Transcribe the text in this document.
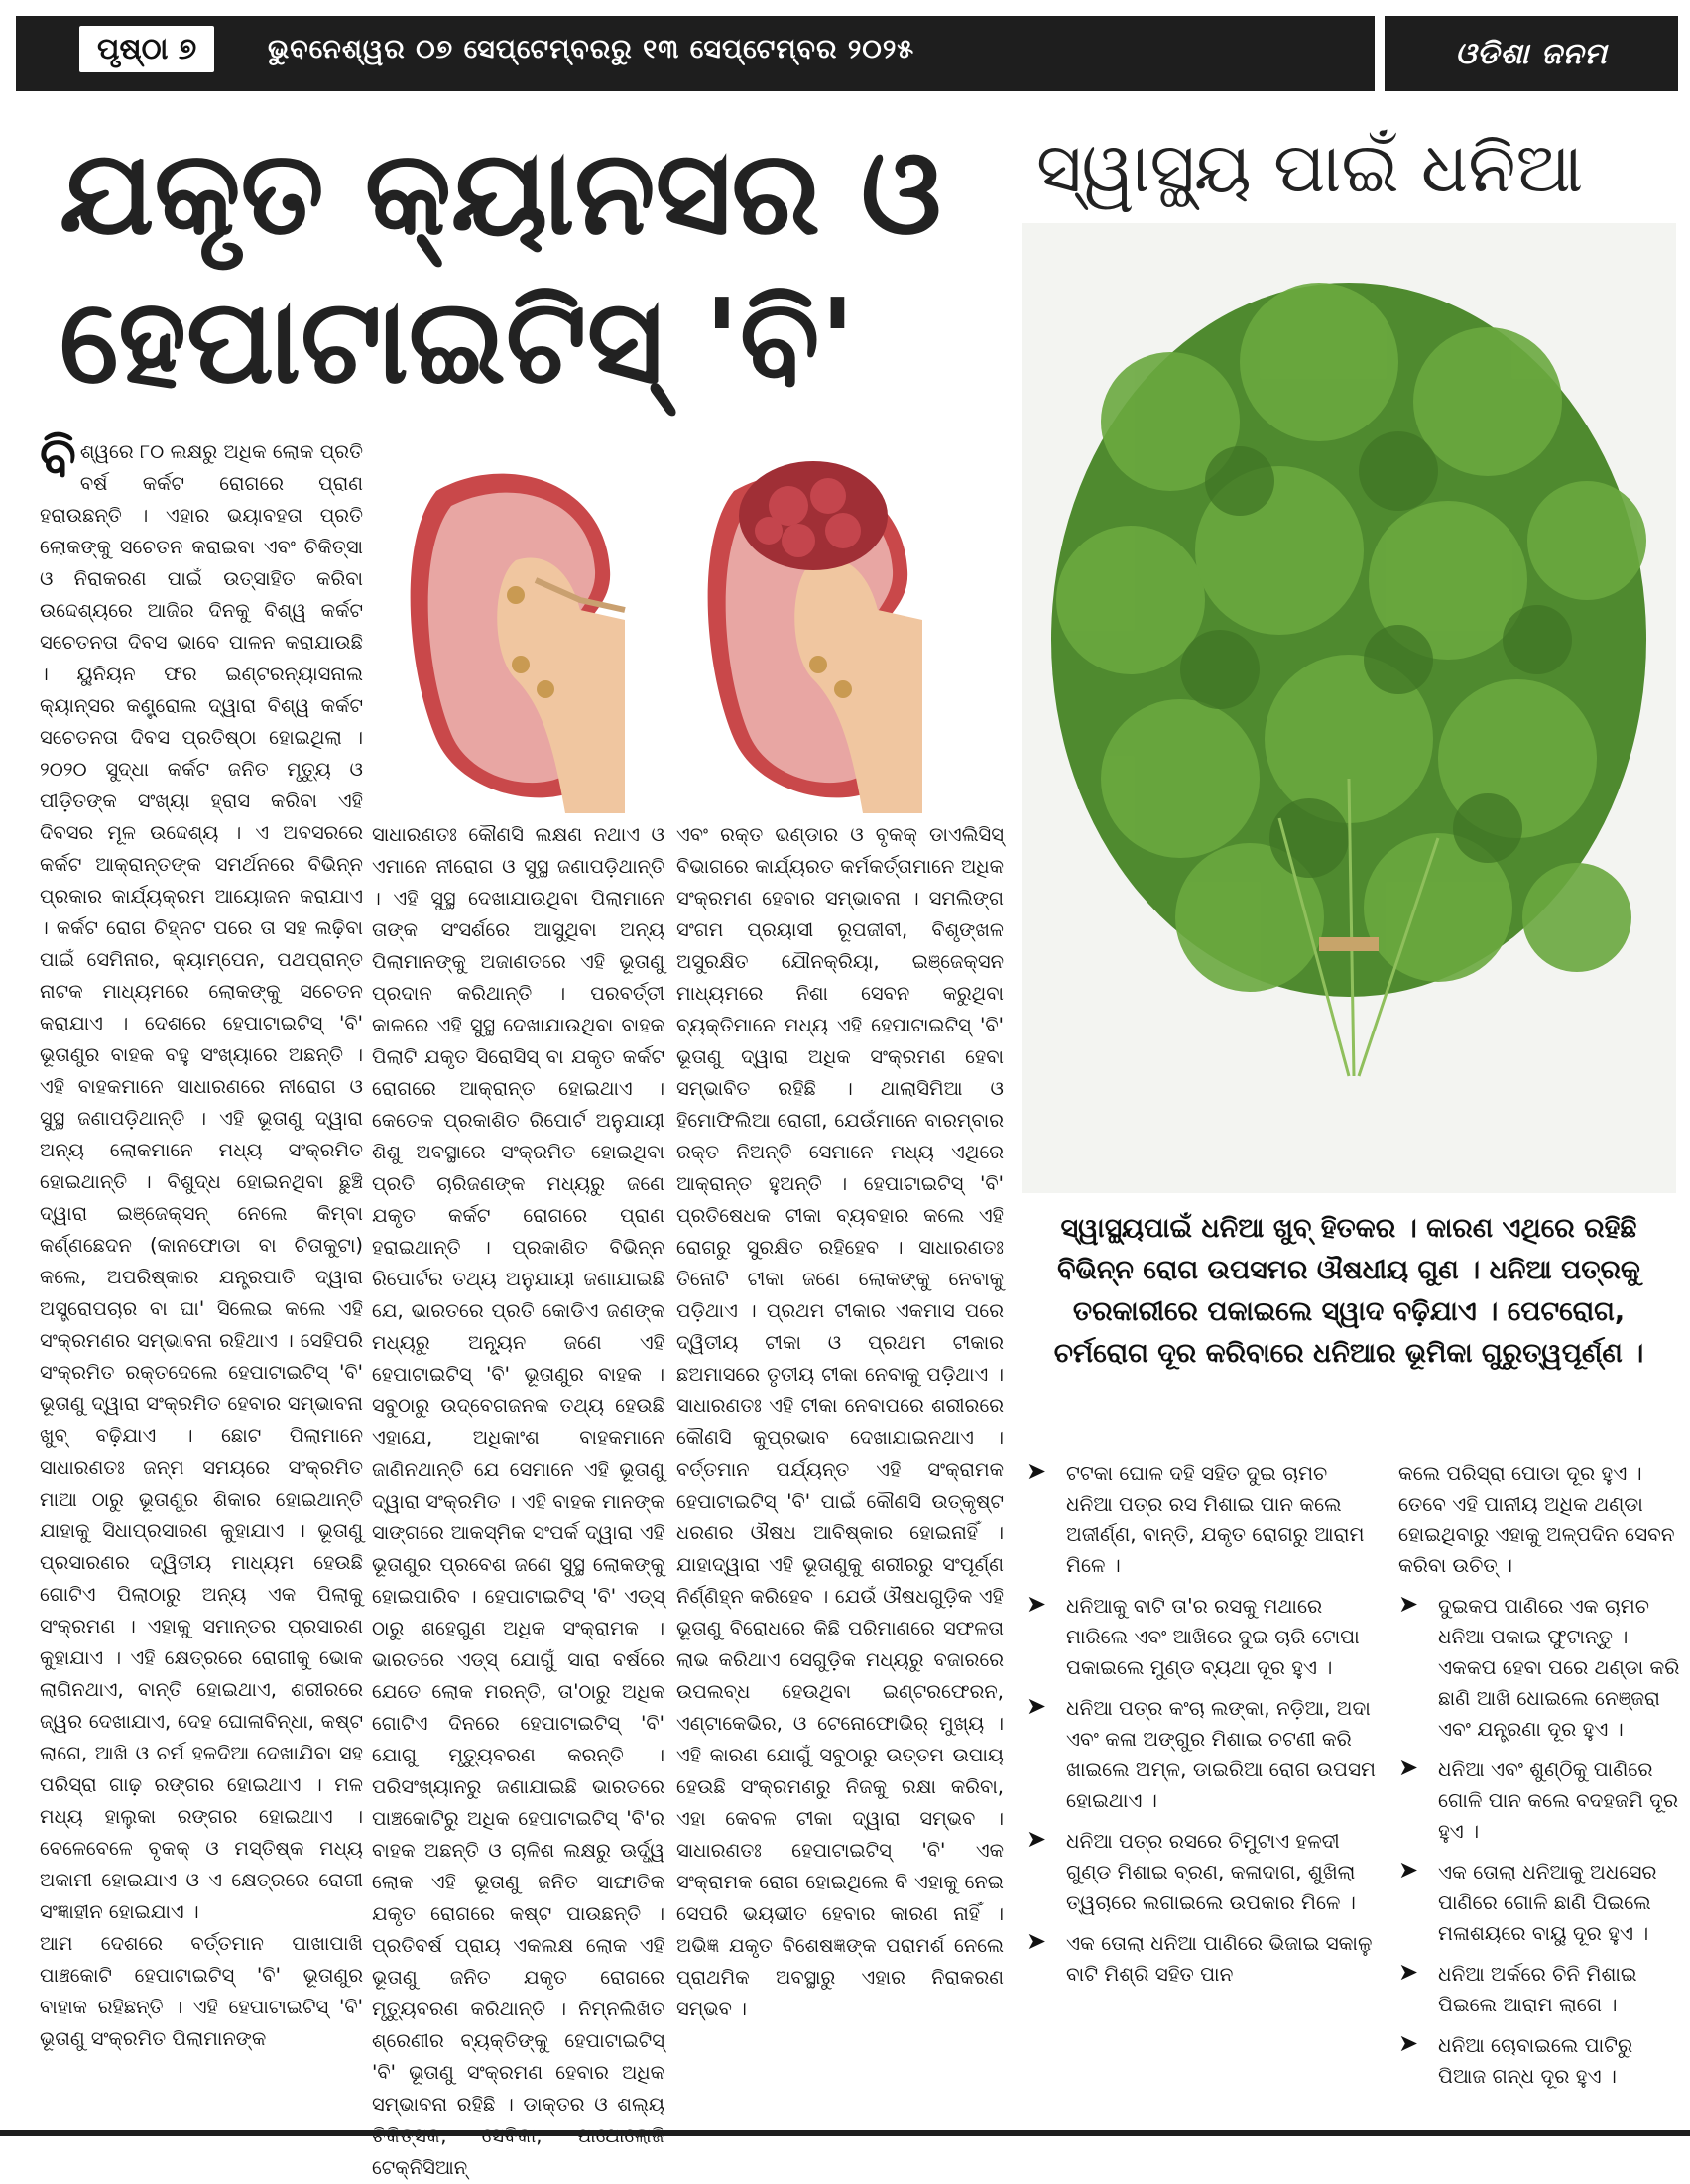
ପୃଷ୍ଠା ୭	ଭୁବନେଶ୍ୱର ୦୭ ସେପ୍ଟେମ୍ବରରୁ ୧୩ ସେପ୍ଟେମ୍ବର ୨୦୨୫	ଓଡିଶା ଜନମ
ଯକୃତ କ୍ୟାନସର ଓ
ହେପାଟାଇଟିସ୍ 'ବି'
ସ୍ୱାସ୍ଥ୍ୟ ପାଇଁ ଧନିଆ

ବିଶ୍ୱରେ ୮୦ ଲକ୍ଷରୁ ଅଧିକ ଲୋକ ପ୍ରତି ବର୍ଷ କର୍କଟ ରୋଗରେ ପ୍ରାଣ ହରାଉଛନ୍ତି । ଏହାର ଭୟାବହତା ପ୍ରତି ଲୋକଙ୍କୁ ସଚେତନ କରାଇବା ଏବଂ ଚିକିତ୍ସା ଓ ନିରାକରଣ ପାଇଁ ଉତ୍ସାହିତ କରିବା ଉଦ୍ଦେଶ୍ୟରେ ଆଜିର ଦିନକୁ ବିଶ୍ୱ କର୍କଟ ସଚେତନତା ଦିବସ ଭାବେ ପାଳନ କରାଯାଉଛି । ୟୁନିୟନ ଫର ଇଣ୍ଟରନ୍ୟାସନାଲ କ୍ୟାନ୍ସର କଣ୍ଟ୍ରୋଲ ଦ୍ୱାରା ବିଶ୍ୱ କର୍କଟ ସଚେତନତା ଦିବସ ପ୍ରତିଷ୍ଠା ହୋଇଥିଲା । ୨୦୨୦ ସୁଦ୍ଧା କର୍କଟ ଜନିତ ମୃତ୍ୟୁ ଓ ପୀଡ଼ିତଙ୍କ ସଂଖ୍ୟା ହ୍ରାସ କରିବା ଏହି ଦିବସର ମୂଳ ଉଦ୍ଦେଶ୍ୟ । ଏ ଅବସରରେ କର୍କଟ ଆକ୍ରାନ୍ତଙ୍କ ସମର୍ଥନରେ ବିଭିନ୍ନ ପ୍ରକାର କାର୍ଯ୍ୟକ୍ରମ ଆୟୋଜନ କରାଯାଏ । କର୍କଟ ରୋଗ ଚିହ୍ନଟ ପରେ ତା ସହ ଲଢ଼ିବା ପାଇଁ ସେମିନାର, କ୍ୟାମ୍ପେନ, ପଥପ୍ରାନ୍ତ ନାଟକ ମାଧ୍ୟମରେ ଲୋକଙ୍କୁ ସଚେତନ କରାଯାଏ । ଦେଶରେ ହେପାଟାଇଟିସ୍ 'ବି' ଭୂତାଣୁର ବାହକ ବହୁ ସଂଖ୍ୟାରେ ଅଛନ୍ତି । ଏହି ବାହକମାନେ ସାଧାରଣରେ ନୀରୋଗ ଓ ସୁସ୍ଥ ଜଣାପଡ଼ିଥାନ୍ତି । ଏହି ଭୂତାଣୁ ଦ୍ୱାରା ଅନ୍ୟ ଲୋକମାନେ ମଧ୍ୟ ସଂକ୍ରମିତ ହୋଇଥାନ୍ତି । ବିଶୁଦ୍ଧ ହୋଇନଥିବା ଛୁଞ୍ଚି ଦ୍ୱାରା ଇଞ୍ଜେକ୍ସନ୍ ନେଲେ କିମ୍ବା କର୍ଣ୍ଣଛେଦନ (କାନଫୋଡା ବା ଚିତାକୁଟା) କଲେ, ଅପରିଷ୍କାର ଯନ୍ତ୍ରପାତି ଦ୍ୱାରା ଅସ୍ତ୍ରୋପଚାର ବା ଘା' ସିଲେଇ କଲେ ଏହି ସଂକ୍ରମଣର ସମ୍ଭାବନା ରହିଥାଏ । ସେହିପରି ସଂକ୍ରମିତ ରକ୍ତଦେଲେ ହେପାଟାଇଟିସ୍ 'ବି' ଭୂତାଣୁ ଦ୍ୱାରା ସଂକ୍ରମିତ ହେବାର ସମ୍ଭାବନା ଖୁବ୍ ବଢ଼ିଯାଏ । ଛୋଟ ପିଲାମାନେ ସାଧାରଣତଃ ଜନ୍ମ ସମୟରେ ସଂକ୍ରମିତ ମାଆ ଠାରୁ ଭୂତାଣୁର ଶିକାର ହୋଇଥାନ୍ତି ଯାହାକୁ ସିଧାପ୍ରସାରଣ କୁହାଯାଏ । ଭୂତାଣୁ ପ୍ରସାରଣର ଦ୍ୱିତୀୟ ମାଧ୍ୟମ ହେଉଛି ଗୋଟିଏ ପିଲାଠାରୁ ଅନ୍ୟ ଏକ ପିଲାକୁ ସଂକ୍ରମଣ । ଏହାକୁ ସମାନ୍ତର ପ୍ରସାରଣ କୁହାଯାଏ । ଏହି କ୍ଷେତ୍ରରେ ରୋଗୀକୁ ଭୋକ ଲାଗିନଥାଏ, ବାନ୍ତି ହୋଇଥାଏ, ଶରୀରରେ ଜ୍ୱର ଦେଖାଯାଏ, ଦେହ ଘୋଳାବିନ୍ଧା, କଷ୍ଟ ଲାଗେ, ଆଖି ଓ ଚର୍ମ ହଳଦିଆ ଦେଖାଯିବା ସହ ପରିସ୍ରା ଗାଢ଼ ରଙ୍ଗର ହୋଇଥାଏ । ମଳ ମଧ୍ୟ ହାଲୁକା ରଙ୍ଗର ହୋଇଥାଏ । ବେଳେବେଳେ ବୃକକ୍ ଓ ମସ୍ତିଷ୍କ ମଧ୍ୟ ଅକାମୀ ହୋଇଯାଏ ଓ ଏ କ୍ଷେତ୍ରରେ ରୋଗୀ ସଂଜ୍ଞାହୀନ ହୋଇଯାଏ ।

ଆମ ଦେଶରେ ବର୍ତ୍ତମାନ ପାଖାପାଖି ପାଞ୍ଚକୋଟି ହେପାଟାଇଟିସ୍ 'ବି' ଭୂତାଣୁର ବାହାକ ରହିଛନ୍ତି । ଏହି ହେପାଟାଇଟିସ୍ 'ବି' ଭୂତାଣୁ ସଂକ୍ରମିତ ପିଲାମାନଙ୍କ

ସାଧାରଣତଃ କୌଣସି ଲକ୍ଷଣ ନଥାଏ ଓ ଏମାନେ ନୀରୋଗ ଓ ସୁସ୍ଥ ଜଣାପଡ଼ିଥାନ୍ତି । ଏହି ସୁସ୍ଥ ଦେଖାଯାଉଥିବା ପିଲାମାନେ ତାଙ୍କ ସଂସର୍ଶରେ ଆସୁଥିବା ଅନ୍ୟ ପିଲାମାନଙ୍କୁ ଅଜାଣତରେ ଏହି ଭୂତାଣୁ ପ୍ରଦାନ କରିଥାନ୍ତି । ପରବର୍ତ୍ତୀ କାଳରେ ଏହି ସୁସ୍ଥ ଦେଖାଯାଉଥିବା ବାହକ ପିଲାଟି ଯକୃତ ସିରୋସିସ୍ ବା ଯକୃତ କର୍କଟ ରୋଗରେ ଆକ୍ରାନ୍ତ ହୋଇଥାଏ । କେତେକ ପ୍ରକାଶିତ ରିପୋର୍ଟ ଅନୁଯାୟୀ ଶିଶୁ ଅବସ୍ଥାରେ ସଂକ୍ରମିତ ହୋଇଥିବା ପ୍ରତି ଚାରିଜଣଙ୍କ ମଧ୍ୟରୁ ଜଣେ ଯକୃତ କର୍କଟ ରୋଗରେ ପ୍ରାଣ ହରାଇଥାନ୍ତି । ପ୍ରକାଶିତ ବିଭିନ୍ନ ରିପୋର୍ଟର ତଥ୍ୟ ଅନୁଯାୟୀ ଜଣାଯାଇଛି ଯେ, ଭାରତରେ ପ୍ରତି କୋଡିଏ ଜଣଙ୍କ ମଧ୍ୟରୁ ଅନ୍ୟୂନ ଜଣେ ଏହି ହେପାଟାଇଟିସ୍ 'ବି' ଭୂତାଣୁର ବାହକ । ସବୁଠାରୁ ଉଦ୍‌ବେଗଜନକ ତଥ୍ୟ ହେଉଛି ଏହାଯେ, ଅଧିକାଂଶ ବାହକମାନେ ଜାଣିନଥାନ୍ତି ଯେ ସେମାନେ ଏହି ଭୂତାଣୁ ଦ୍ୱାରା ସଂକ୍ରମିତ । ଏହି ବାହକ ମାନଙ୍କ ସାଙ୍ଗରେ ଆକସ୍ମିକ ସଂପର୍କ ଦ୍ୱାରା ଏହି ଭୂତାଣୁର ପ୍ରବେଶ ଜଣେ ସୁସ୍ଥ ଲୋକଙ୍କୁ ହୋଇପାରିବ । ହେପାଟାଇଟିସ୍ 'ବି' ଏଡ୍‌ସ୍ ଠାରୁ ଶହେଗୁଣ ଅଧିକ ସଂକ୍ରାମକ । ଭାରତରେ ଏଡ୍‌ସ୍ ଯୋଗୁଁ ସାରା ବର୍ଷରେ ଯେତେ ଲୋକ ମରନ୍ତି, ତା'ଠାରୁ ଅଧିକ ଗୋଟିଏ ଦିନରେ ହେପାଟାଇଟିସ୍ 'ବି' ଯୋଗୁ ମୃତ୍ୟୁବରଣ କରନ୍ତି । ପରିସଂଖ୍ୟାନରୁ ଜଣାଯାଇଛି ଭାରତରେ ପାଞ୍ଚକୋଟିରୁ ଅଧିକ ହେପାଟାଇଟିସ୍ 'ବି'ର ବାହକ ଅଛନ୍ତି ଓ ଚାଳିଶ ଲକ୍ଷରୁ ଊର୍ଦ୍ଧ୍ୱ ଲୋକ ଏହି ଭୂତାଣୁ ଜନିତ ସାଙ୍ଘାତିକ ଯକୃତ ରୋଗରେ କଷ୍ଟ ପାଉଛନ୍ତି । ପ୍ରତିବର୍ଷ ପ୍ରାୟ ଏକଲକ୍ଷ ଲୋକ ଏହି ଭୂତାଣୁ ଜନିତ ଯକୃତ ରୋଗରେ ମୃତ୍ୟୁବରଣ କରିଥାନ୍ତି । ନିମ୍ନଲିଖିତ ଶ୍ରେଣୀର ବ୍ୟକ୍ତିଙ୍କୁ ହେପାଟାଇଟିସ୍ 'ବି' ଭୂତାଣୁ ସଂକ୍ରମଣ ହେବାର ଅଧିକ ସମ୍ଭାବନା ରହିଛି । ଡାକ୍ତର ଓ ଶଲ୍ୟ ଟେକ୍‌ନିସିଆନ୍

ଏବଂ ରକ୍ତ ଭଣ୍ଡାର ଓ ବୃକକ୍ ଡାଏଲିସିସ୍ ବିଭାଗରେ କାର୍ଯ୍ୟରତ କର୍ମକର୍ତ୍ତାମାନେ ଅଧିକ ସଂକ୍ରମଣ ହେବାର ସମ୍ଭାବନା । ସମଲିଙ୍ଗ ସଂଗମ ପ୍ରୟାସୀ ରୂପଜୀବୀ, ବିଶୃଙ୍ଖଳ ଅସୁରକ୍ଷିତ ଯୌନକ୍ରିୟା, ଇଞ୍ଜେକ୍ସନ ମାଧ୍ୟମରେ ନିଶା ସେବନ କରୁଥିବା ବ୍ୟକ୍ତିମାନେ ମଧ୍ୟ ଏହି ହେପାଟାଇଟିସ୍ 'ବି' ଭୂତାଣୁ ଦ୍ୱାରା ଅଧିକ ସଂକ୍ରମଣ ହେବା ସମ୍ଭାବିତ ରହିଛି । ଥାଲାସିମିଆ ଓ ହିମୋଫିଲିଆ ରୋଗୀ, ଯେଉଁମାନେ ବାରମ୍ବାର ରକ୍ତ ନିଅନ୍ତି ସେମାନେ ମଧ୍ୟ ଏଥିରେ ଆକ୍ରାନ୍ତ ହୁଅନ୍ତି । ହେପାଟାଇଟିସ୍ 'ବି' ପ୍ରତିଷେଧକ ଟୀକା ବ୍ୟବହାର କଲେ ଏହି ରୋଗରୁ ସୁରକ୍ଷିତ ରହିହେବ । ସାଧାରଣତଃ ତିନୋଟି ଟୀକା ଜଣେ ଲୋକଙ୍କୁ ନେବାକୁ ପଡ଼ିଥାଏ । ପ୍ରଥମ ଟୀକାର ଏକମାସ ପରେ ଦ୍ୱିତୀୟ ଟୀକା ଓ ପ୍ରଥମ ଟୀକାର ଛଅମାସରେ ତୃତୀୟ ଟୀକା ନେବାକୁ ପଡ଼ିଥାଏ । ସାଧାରଣତଃ ଏହି ଟୀକା ନେବାପରେ ଶରୀରରେ କୌଣସି କୁପ୍ରଭାବ ଦେଖାଯାଇନଥାଏ । ବର୍ତ୍ତମାନ ପର୍ଯ୍ୟନ୍ତ ଏହି ସଂକ୍ରାମକ ହେପାଟାଇଟିସ୍ 'ବି' ପାଇଁ କୌଣସି ଉତ୍କୃଷ୍ଟ ଧରଣର ଔଷଧ ଆବିଷ୍କାର ହୋଇନାହିଁ । ଯାହାଦ୍ୱାରା ଏହି ଭୂତାଣୁକୁ ଶରୀରରୁ ସଂପୂର୍ଣ୍ଣ ନିର୍ଣ୍ଣିହ୍ନ କରିହେବ । ଯେଉଁ ଔଷଧଗୁଡ଼ିକ ଏହି ଭୂତାଣୁ ବିରୋଧରେ କିଛି ପରିମାଣରେ ସଫଳତା ଲାଭ କରିଥାଏ ସେଗୁଡ଼ିକ ମଧ୍ୟରୁ ବଜାରରେ ଉପଲବ୍ଧ ହେଉଥିବା ଇଣ୍ଟରଫେରନ, ଏଣ୍ଟାକେଭିର, ଓ ଟେନୋଫୋଭିର୍ ମୁଖ୍ୟ । ଏହି କାରଣ ଯୋଗୁଁ ସବୁଠାରୁ ଉତ୍ତମ ଉପାୟ ହେଉଛି ସଂକ୍ରମଣରୁ ନିଜକୁ ରକ୍ଷା କରିବା, ଏହା କେବଳ ଟୀକା ଦ୍ୱାରା ସମ୍ଭବ । ସାଧାରଣତଃ ହେପାଟାଇଟିସ୍ 'ବି' ଏକ ସଂକ୍ରାମକ ରୋଗ ହୋଇଥିଲେ ବି ଏହାକୁ ନେଇ ସେପରି ଭୟଭୀତ ହେବାର କାରଣ ନାହିଁ । ଅଭିଜ୍ଞ ଯକୃତ ବିଶେଷଜ୍ଞଙ୍କ ପରାମର୍ଶ ନେଲେ ପ୍ରାଥମିକ ଅବସ୍ଥାରୁ ଏହାର ନିରାକରଣ ସମ୍ଭବ ।

ସ୍ୱାସ୍ଥ୍ୟପାଇଁ ଧନିଆ ଖୁବ୍ ହିତକର । କାରଣ ଏଥିରେ ରହିଛି ବିଭିନ୍ନ ରୋଗ ଉପସମର ଔଷଧୀୟ ଗୁଣ । ଧନିଆ ପତ୍ରକୁ ତରକାରୀରେ ପକାଇଲେ ସ୍ୱାଦ ବଢ଼ିଯାଏ । ପେଟରୋଗ, ଚର୍ମରୋଗ ଦୂର କରିବାରେ ଧନିଆର ଭୂମିକା ଗୁରୁତ୍ୱପୂର୍ଣ୍ଣ ।
➤ ଟଟକା ଘୋଳ ଦହି ସହିତ ଦୁଇ ଚାମଚ ଧନିଆ ପତ୍ର ରସ ମିଶାଇ ପାନ କଲେ ଅଜୀର୍ଣ୍ଣ, ବାନ୍ତି, ଯକୃତ ରୋଗରୁ ଆରାମ ମିଳେ ।
➤ ଧନିଆକୁ ବାଟି ତା'ର ରସକୁ ମଥାରେ ମାରିଲେ ଏବଂ ଆଖିରେ ଦୁଇ ଚାରି ଟୋପା ପକାଇଲେ ମୁଣ୍ଡ ବ୍ୟଥା ଦୂର ହୁଏ ।
➤ ଧନିଆ ପତ୍ର କଂଚା ଲଙ୍କା, ନଡ଼ିଆ, ଅଦା ଏବଂ କଳା ଅଙ୍ଗୁର ମିଶାଇ ଚଟଣୀ କରି ଖାଇଲେ ଅମ୍ଳ, ଡାଇରିଆ ରୋଗ ଉପସମ ହୋଇଥାଏ ।
➤ ଧନିଆ ପତ୍ର ରସରେ ଚିମୁଟାଏ ହଳଦୀ ଗୁଣ୍ଡ ମିଶାଇ ବ୍ରଣ, କଳାଦାଗ, ଶୁଖିଲା ତ୍ୱଚାରେ ଲଗାଇଲେ ଉପକାର ମିଳେ ।
➤ ଏକ ତୋଲା ଧନିଆ ପାଣିରେ ଭିଜାଇ ସକାଳୁ ବାଟି ମିଶ୍ରି ସହିତ ପାନ
କଲେ ପରିସ୍ରା ପୋଡା ଦୂର ହୁଏ । ତେବେ ଏହି ପାନୀୟ ଅଧିକ ଥଣ୍ଡା ହୋଇଥିବାରୁ ଏହାକୁ ଅଳ୍ପଦିନ ସେବନ କରିବା ଉଚିତ୍ ।
➤ ଦୁଇକପ ପାଣିରେ ଏକ ଚାମଚ ଧନିଆ ପକାଇ ଫୁଟାନ୍ତୁ । ଏକକପ ହେବା ପରେ ଥଣ୍ଡା କରି ଛାଣି ଆଖି ଧୋଇଲେ ନେଞ୍ଜରା ଏବଂ ଯନ୍ତ୍ରଣା ଦୂର ହୁଏ ।
➤ ଧନିଆ ଏବଂ ଶୁଣ୍ଠିକୁ ପାଣିରେ ଗୋଳି ପାନ କଲେ ବଦହଜମି ଦୂର ହୁଏ ।
➤ ଏକ ତୋଲା ଧନିଆକୁ ଅଧସେର ପାଣିରେ ଗୋଳି ଛାଣି ପିଇଲେ ମଳାଶୟରେ ବାୟୁ ଦୂର ହୁଏ ।
➤ ଧନିଆ ଅର୍କରେ ଚିନି ମିଶାଇ ପିଇଲେ ଆରାମ ଲାଗେ ।
➤ ଧନିଆ ଚୋବାଇଲେ ପାଟିରୁ ପିଆଜ ଗନ୍ଧ ଦୂର ହୁଏ ।
